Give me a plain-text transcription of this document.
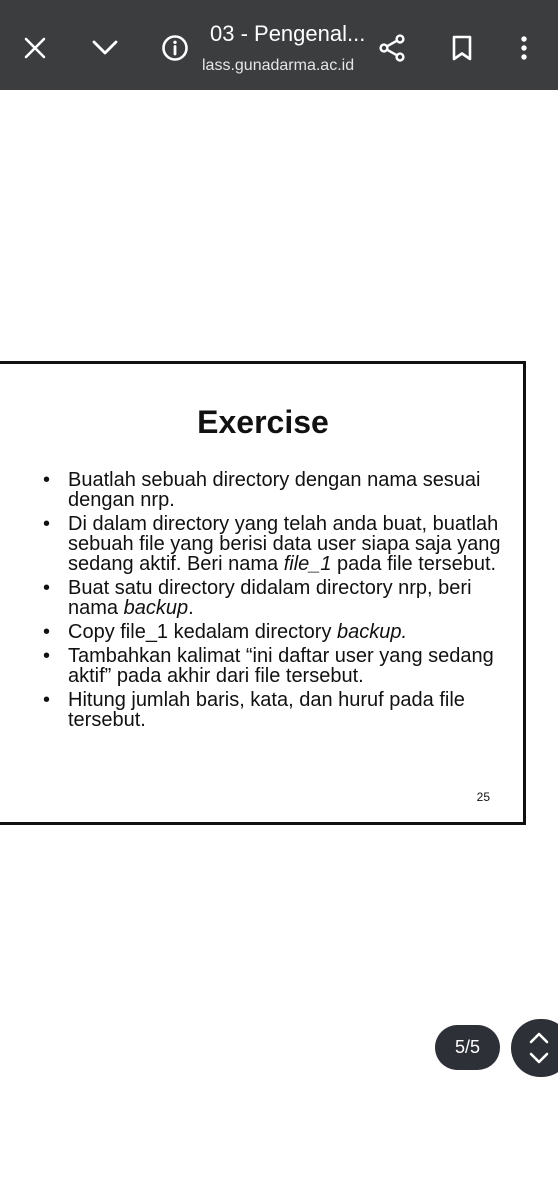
03 - Pengenal...
lass.gunadarma.ac.id
Exercise
• Buatlah sebuah directory dengan nama sesuai dengan nrp.
• Di dalam directory yang telah anda buat, buatlah sebuah file yang berisi data user siapa saja yang sedang aktif. Beri nama file_1 pada file tersebut.
• Buat satu directory didalam directory nrp, beri nama backup.
• Copy file_1 kedalam directory backup.
• Tambahkan kalimat “ini daftar user yang sedang aktif” pada akhir dari file tersebut.
• Hitung jumlah baris, kata, dan huruf pada file tersebut.
25
5/5
